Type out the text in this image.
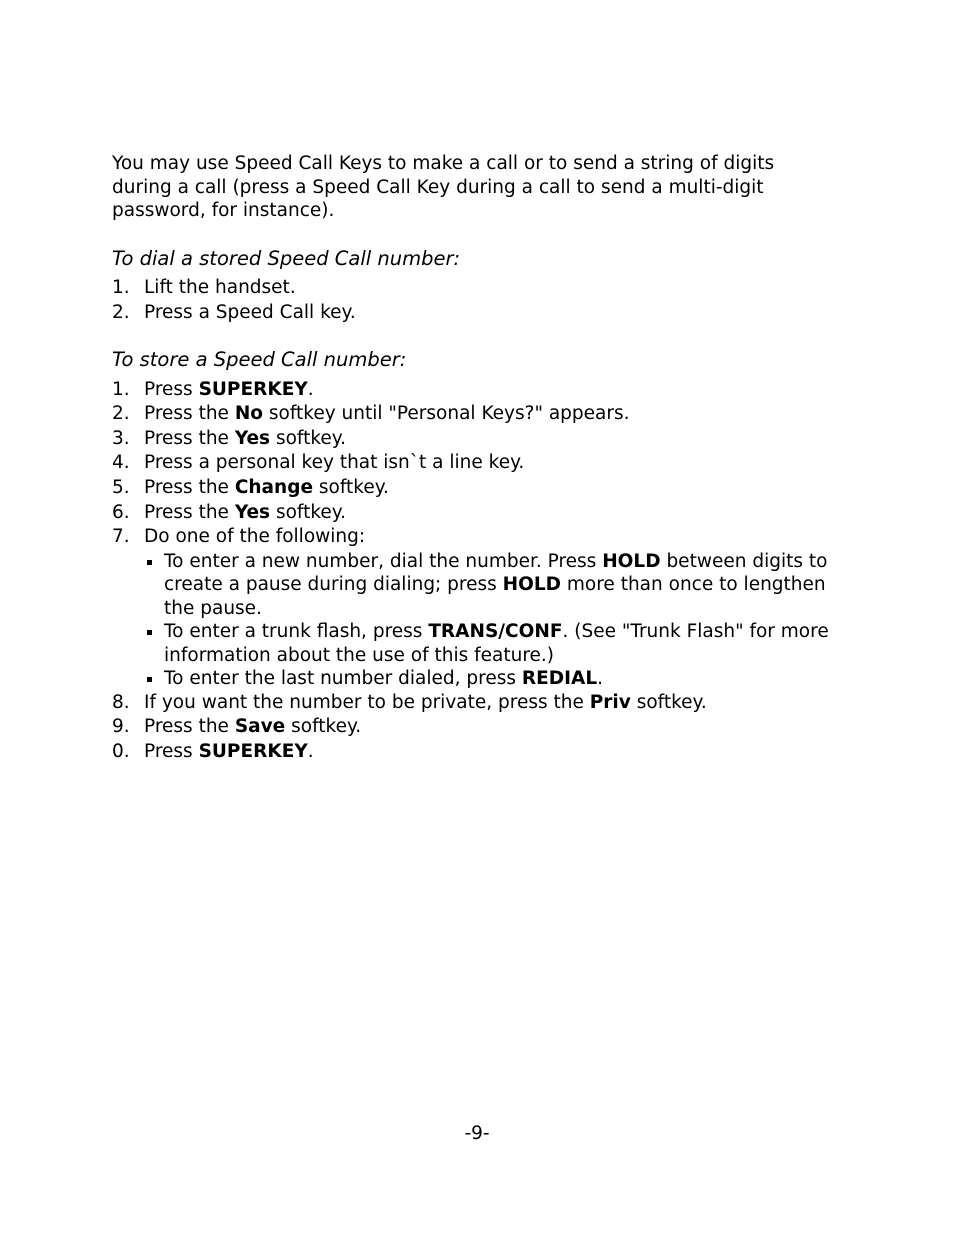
You may use Speed Call Keys to make a call or to send a string of digits during a call (press a Speed Call Key during a call to send a multi-digit password, for instance).

To dial a stored Speed Call number:
1. Lift the handset.
2. Press a Speed Call key.
To store a Speed Call number:
1. Press SUPERKEY.
2. Press the No softkey until "Personal Keys?" appears.
3. Press the Yes softkey.
4. Press a personal key that isn`t a line key.
5. Press the Change softkey.
6. Press the Yes softkey.
7. Do one of the following:
To enter a new number, dial the number. Press HOLD between digits to create a pause during dialing; press HOLD more than once to lengthen the pause.
To enter a trunk flash, press TRANS/CONF. (See "Trunk Flash" for more information about the use of this feature.)
To enter the last number dialed, press REDIAL.
8. If you want the number to be private, press the Priv softkey.
9. Press the Save softkey.
0. Press SUPERKEY.
-9-
